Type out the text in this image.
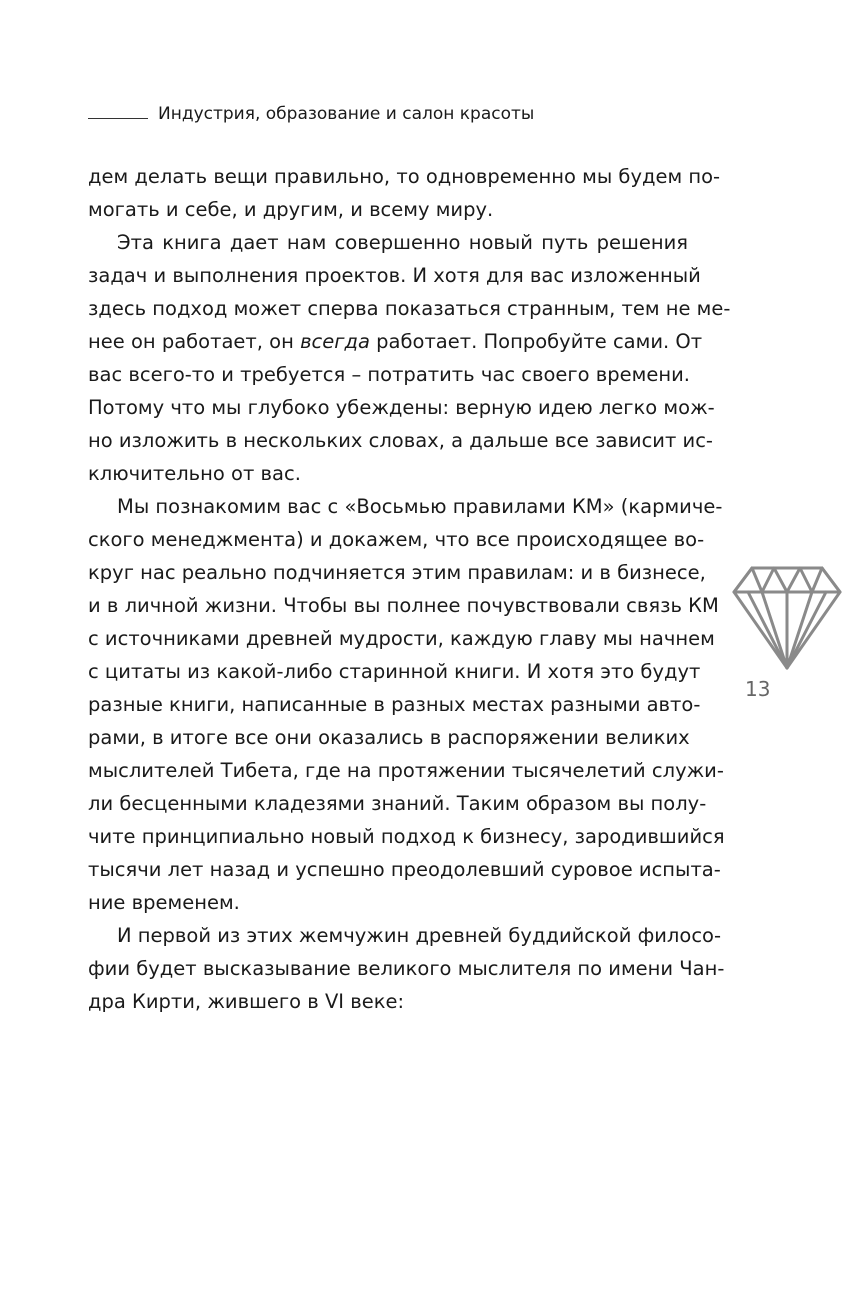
Индустрия, образование и салон красоты

дем делать вещи правильно, то одновременно мы будем по-
могать и себе, и другим, и всему миру.

Эта книга дает нам совершенно новый путь решения
задач и выполнения проектов. И хотя для вас изложенный
здесь подход может сперва показаться странным, тем не ме-
нее он работает, он всегда работает. Попробуйте сами. От
вас всего-то и требуется – потратить час своего времени.
Потому что мы глубоко убеждены: верную идею легко мож-
но изложить в нескольких словах, а дальше все зависит ис-
ключительно от вас.

Мы познакомим вас с «Восьмью правилами КМ» (кармиче-
ского менеджмента) и докажем, что все происходящее во-
круг нас реально подчиняется этим правилам: и в бизнесе,
и в личной жизни. Чтобы вы полнее почувствовали связь КМ
с источниками древней мудрости, каждую главу мы начнем
с цитаты из какой-либо старинной книги. И хотя это будут
разные книги, написанные в разных местах разными авто-
рами, в итоге все они оказались в распоряжении великих
мыслителей Тибета, где на протяжении тысячелетий служи-
ли бесценными кладезями знаний. Таким образом вы полу-
чите принципиально новый подход к бизнесу, зародившийся
тысячи лет назад и успешно преодолевший суровое испыта-
ние временем.

И первой из этих жемчужин древней буддийской филосо-
фии будет высказывание великого мыслителя по имени Чан-
дра Кирти, жившего в VI веке:

13
